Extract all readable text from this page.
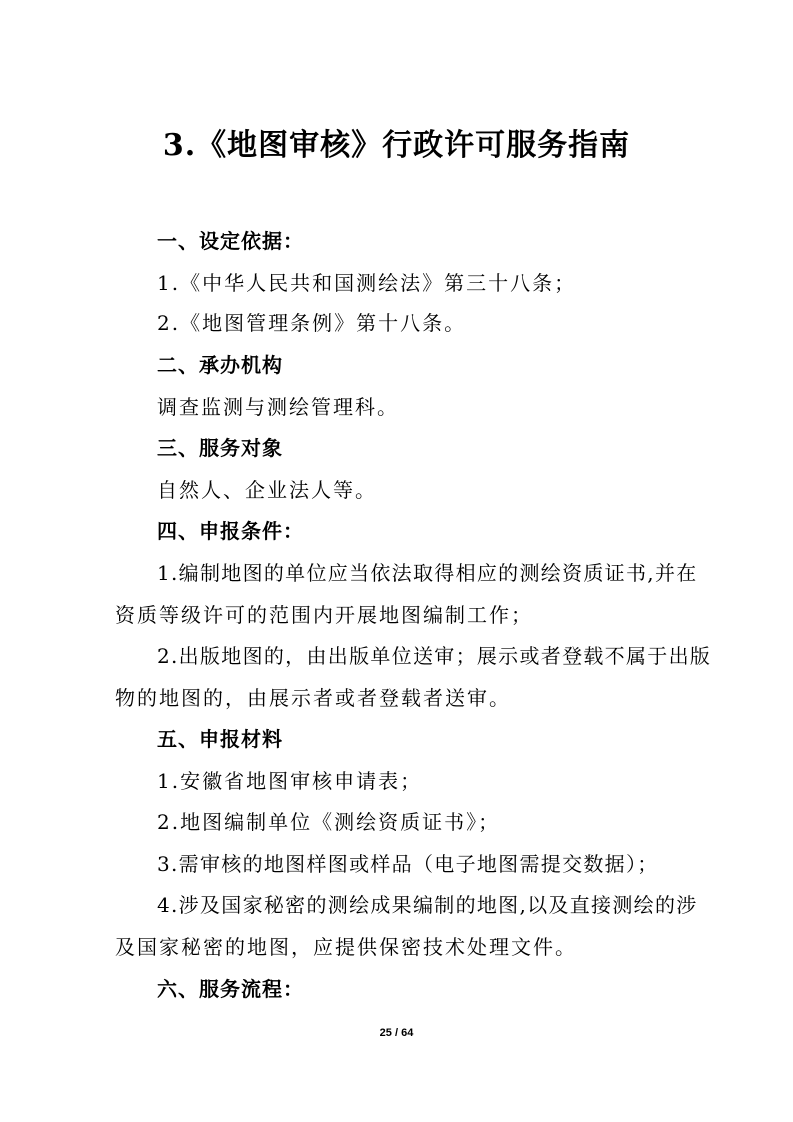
3.《地图审核》行政许可服务指南
一、设定依据：
1.《中华人民共和国测绘法》第三十八条；
2.《地图管理条例》第十八条。
二、承办机构
调查监测与测绘管理科。
三、服务对象
自然人、企业法人等。
四、申报条件：
1.编制地图的单位应当依法取得相应的测绘资质证书,并在
资质等级许可的范围内开展地图编制工作；
2.出版地图的，由出版单位送审；展示或者登载不属于出版
物的地图的，由展示者或者登载者送审。
五、申报材料
1.安徽省地图审核申请表；
2.地图编制单位《测绘资质证书》；
3.需审核的地图样图或样品（电子地图需提交数据）；
4.涉及国家秘密的测绘成果编制的地图,以及直接测绘的涉
及国家秘密的地图，应提供保密技术处理文件。
六、服务流程：
25 / 64
